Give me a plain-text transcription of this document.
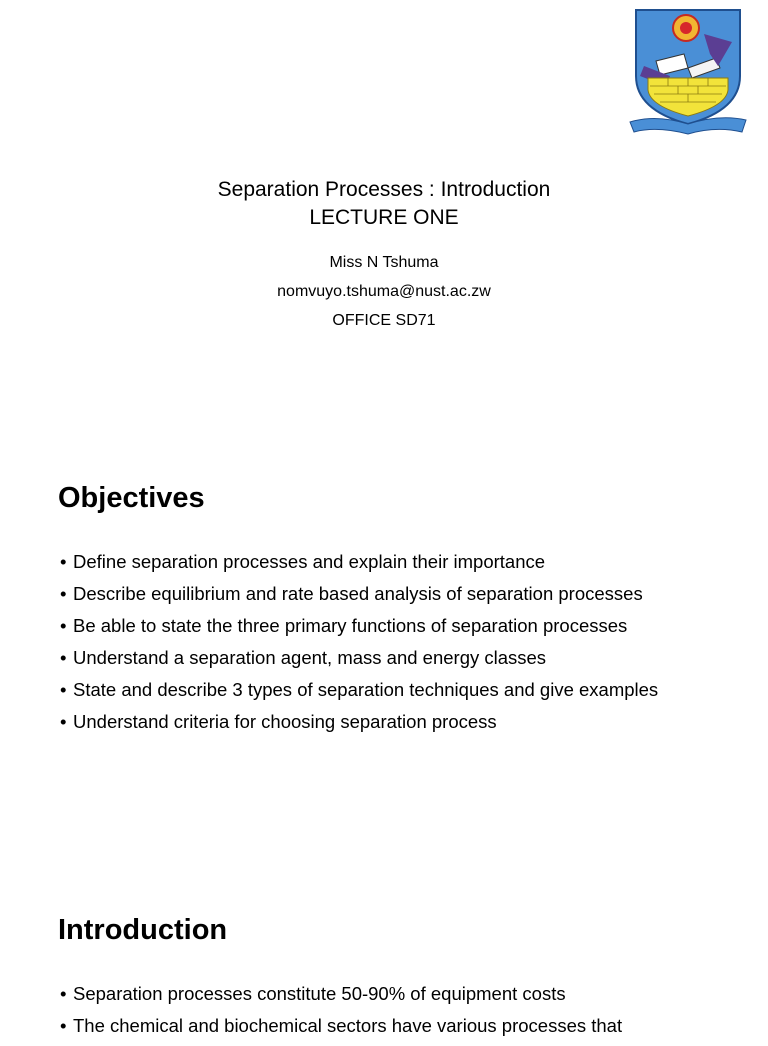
Separation Processes : Introduction
LECTURE ONE
Miss N Tshuma
nomvuyo.tshuma@nust.ac.zw
OFFICE SD71
Objectives
• Define separation processes and explain their importance
• Describe equilibrium and rate based analysis of separation processes
• Be able to state the three primary functions of separation processes
• Understand a separation agent, mass and energy classes
• State and describe 3 types of separation techniques and give examples
• Understand criteria for choosing separation process
Introduction
• Separation processes constitute 50-90% of equipment costs
• The chemical and biochemical sectors have various processes that
